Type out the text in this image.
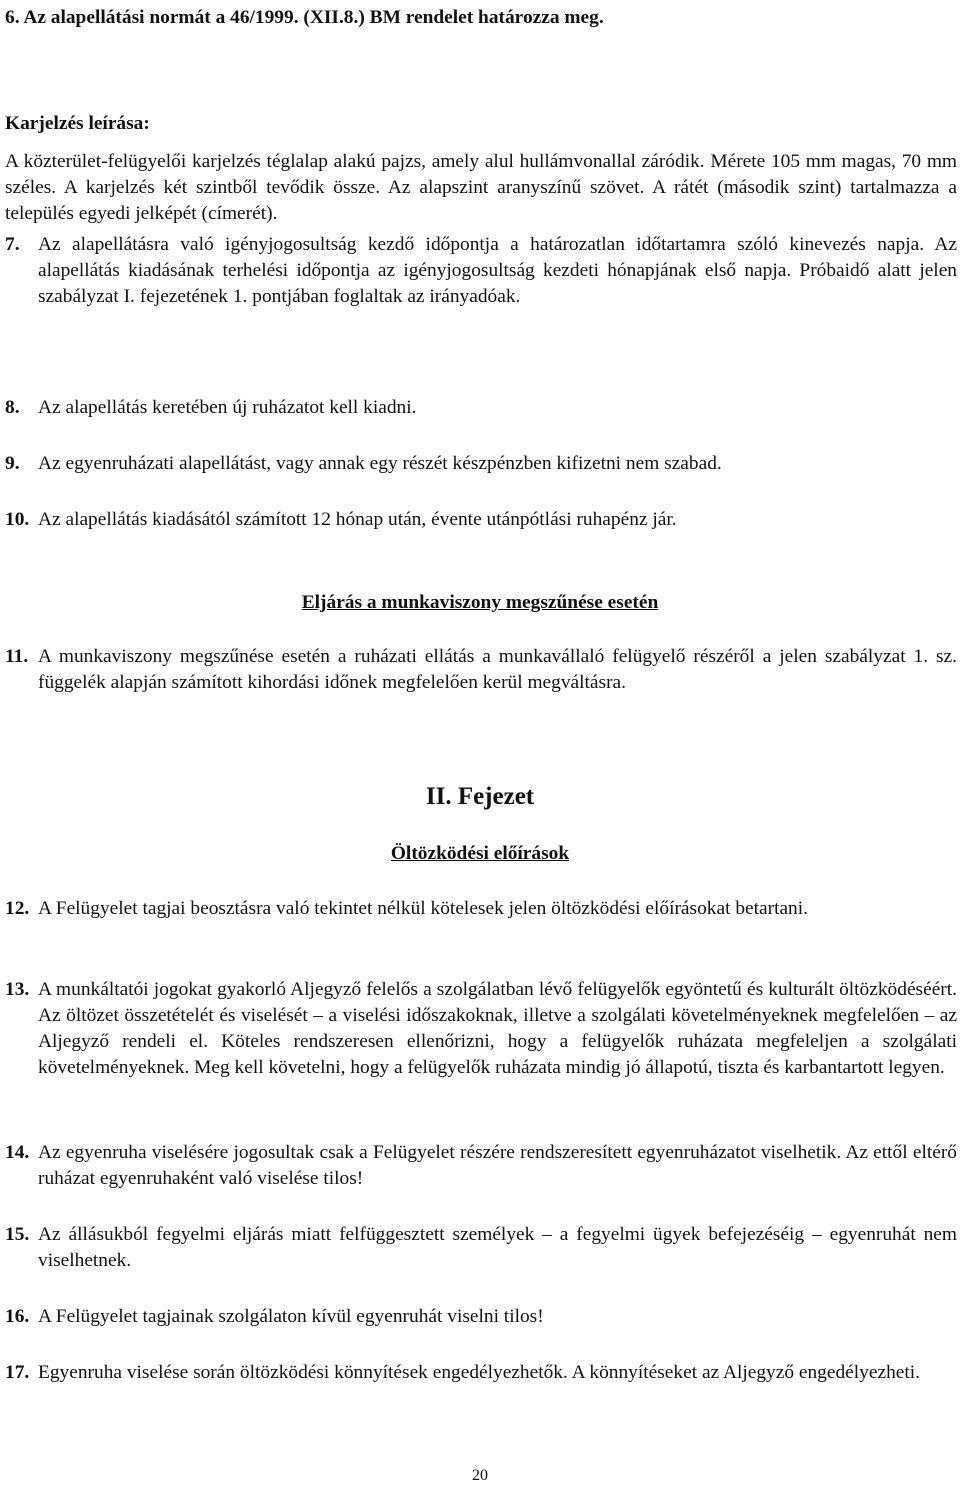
6. Az alapellátási normát a 46/1999. (XII.8.) BM rendelet határozza meg.
Karjelzés leírása:
A közterület-felügyelői karjelzés téglalap alakú pajzs, amely alul hullámvonallal záródik. Mérete 105 mm magas, 70 mm széles. A karjelzés két szintből tevődik össze. Az alapszint aranyszínű szövet. A rátét (második szint) tartalmazza a település egyedi jelképét (címerét).
7. Az alapellátásra való igényjogosultság kezdő időpontja a határozatlan időtartamra szóló kinevezés napja. Az alapellátás kiadásának terhelési időpontja az igényjogosultság kezdeti hónapjának első napja. Próbaidő alatt jelen szabályzat I. fejezetének 1. pontjában foglaltak az irányadóak.
8. Az alapellátás keretében új ruházatot kell kiadni.
9. Az egyenruházati alapellátást, vagy annak egy részét készpénzben kifizetni nem szabad.
10. Az alapellátás kiadásától számított 12 hónap után, évente utánpótlási ruhapénz jár.
Eljárás a munkaviszony megszűnése esetén
11. A munkaviszony megszűnése esetén a ruházati ellátás a munkavállaló felügyelő részéről a jelen szabályzat 1. sz. függelék alapján számított kihordási időnek megfelelően kerül megváltásra.
II. Fejezet
Öltözködési előírások
12. A Felügyelet tagjai beosztásra való tekintet nélkül kötelesek jelen öltözködési előírásokat betartani.
13. A munkáltatói jogokat gyakorló Aljegyző felelős a szolgálatban lévő felügyelők egyöntetű és kulturált öltözködéséért. Az öltözet összetételét és viselését – a viselési időszakoknak, illetve a szolgálati követelményeknek megfelelően – az Aljegyző rendeli el. Köteles rendszeresen ellenőrizni, hogy a felügyelők ruházata megfeleljen a szolgálati követelményeknek. Meg kell követelni, hogy a felügyelők ruházata mindig jó állapotú, tiszta és karbantartott legyen.
14. Az egyenruha viselésére jogosultak csak a Felügyelet részére rendszeresített egyenruházatot viselhetik. Az ettől eltérő ruházat egyenruhaként való viselése tilos!
15. Az állásukból fegyelmi eljárás miatt felfüggesztett személyek – a fegyelmi ügyek befejezéséig – egyenruhát nem viselhetnek.
16. A Felügyelet tagjainak szolgálaton kívül egyenruhát viselni tilos!
17. Egyenruha viselése során öltözködési könnyítések engedélyezhetők. A könnyítéseket az Aljegyző engedélyezheti.
20
